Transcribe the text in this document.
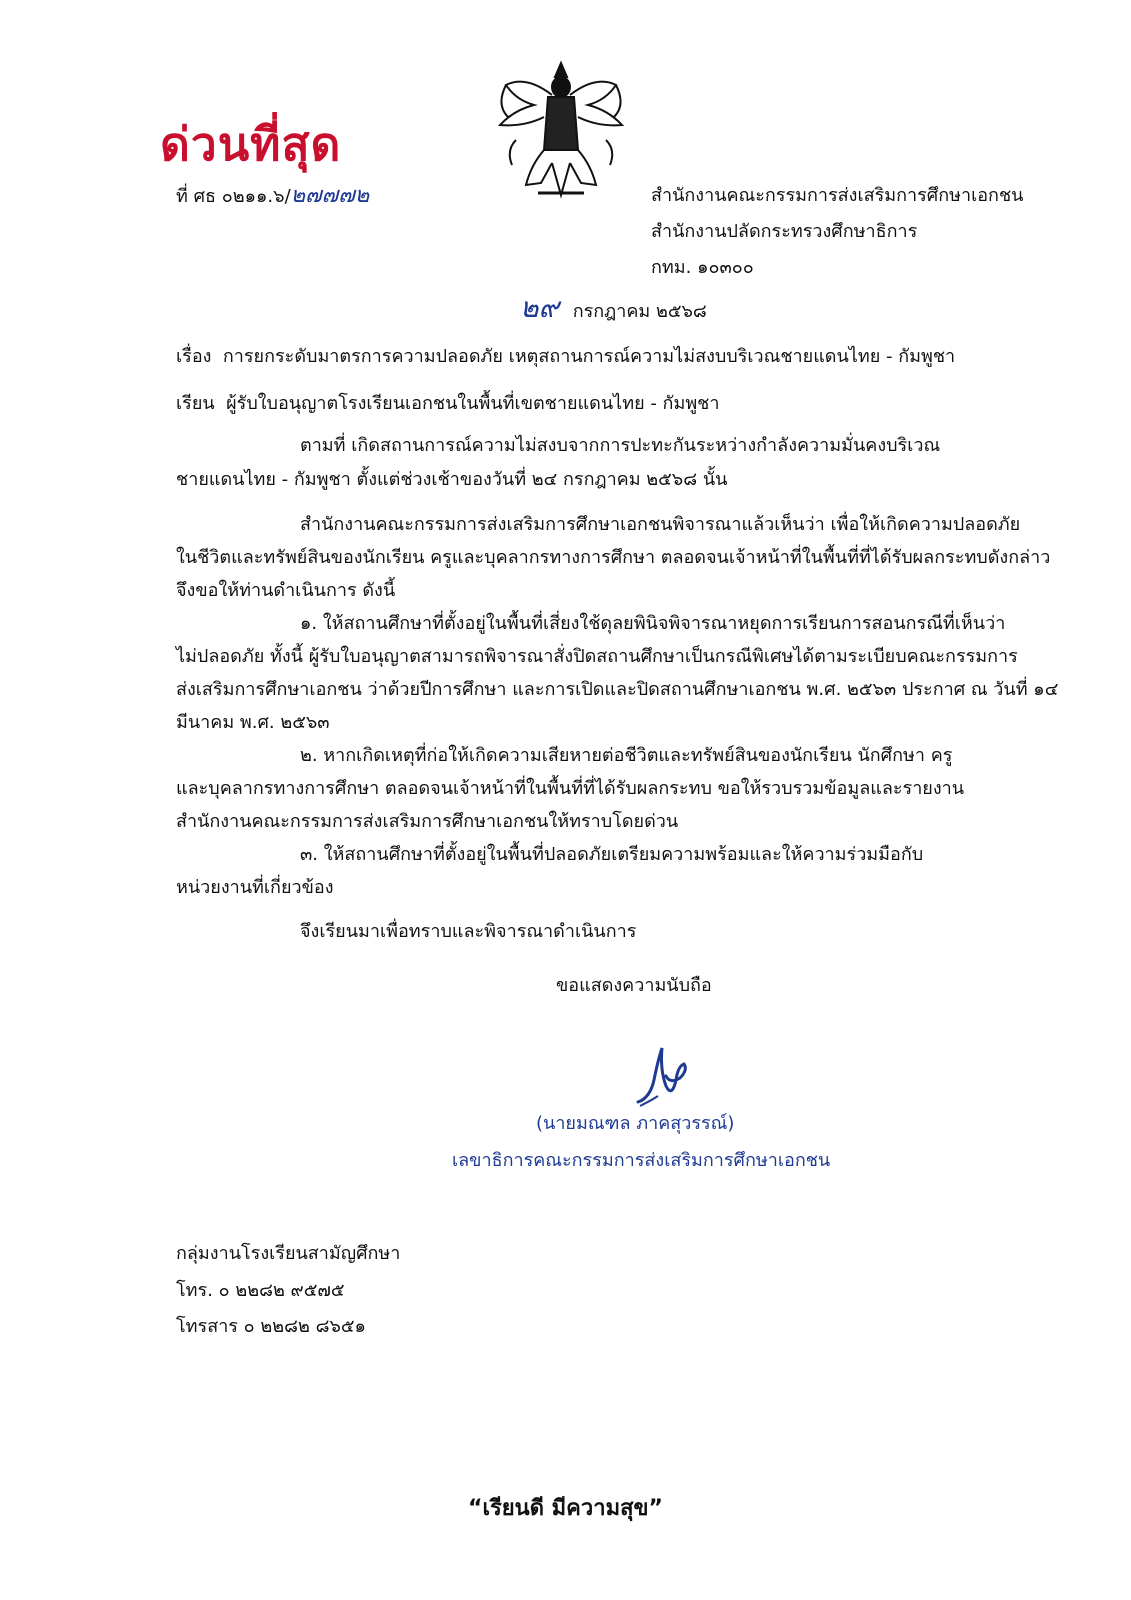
ด่วนที่สุด
ที่ ศธ ๐๒๑๑.๖/๒๗๗๗๒	สำนักงานคณะกรรมการส่งเสริมการศึกษาเอกชน
สำนักงานปลัดกระทรวงศึกษาธิการ
กทม. ๑๐๓๐๐
๒๙ กรกฎาคม ๒๕๖๘
เรื่อง การยกระดับมาตรการความปลอดภัย เหตุสถานการณ์ความไม่สงบบริเวณชายแดนไทย - กัมพูชา
เรียน ผู้รับใบอนุญาตโรงเรียนเอกชนในพื้นที่เขตชายแดนไทย - กัมพูชา
ตามที่ เกิดสถานการณ์ความไม่สงบจากการปะทะกันระหว่างกำลังความมั่นคงบริเวณ
ชายแดนไทย - กัมพูชา ตั้งแต่ช่วงเช้าของวันที่ ๒๔ กรกฎาคม ๒๕๖๘ นั้น
สำนักงานคณะกรรมการส่งเสริมการศึกษาเอกชนพิจารณาแล้วเห็นว่า เพื่อให้เกิดความปลอดภัย
ในชีวิตและทรัพย์สินของนักเรียน ครูและบุคลากรทางการศึกษา ตลอดจนเจ้าหน้าที่ในพื้นที่ที่ได้รับผลกระทบดังกล่าว
จึงขอให้ท่านดำเนินการ ดังนี้
๑. ให้สถานศึกษาที่ตั้งอยู่ในพื้นที่เสี่ยงใช้ดุลยพินิจพิจารณาหยุดการเรียนการสอนกรณีที่เห็นว่า
ไม่ปลอดภัย ทั้งนี้ ผู้รับใบอนุญาตสามารถพิจารณาสั่งปิดสถานศึกษาเป็นกรณีพิเศษได้ตามระเบียบคณะกรรมการ
ส่งเสริมการศึกษาเอกชน ว่าด้วยปีการศึกษา และการเปิดและปิดสถานศึกษาเอกชน พ.ศ. ๒๕๖๓ ประกาศ ณ วันที่ ๑๔
มีนาคม พ.ศ. ๒๕๖๓
๒. หากเกิดเหตุที่ก่อให้เกิดความเสียหายต่อชีวิตและทรัพย์สินของนักเรียน นักศึกษา ครู
และบุคลากรทางการศึกษา ตลอดจนเจ้าหน้าที่ในพื้นที่ที่ได้รับผลกระทบ ขอให้รวบรวมข้อมูลและรายงาน
สำนักงานคณะกรรมการส่งเสริมการศึกษาเอกชนให้ทราบโดยด่วน
๓. ให้สถานศึกษาที่ตั้งอยู่ในพื้นที่ปลอดภัยเตรียมความพร้อมและให้ความร่วมมือกับ
หน่วยงานที่เกี่ยวข้อง
จึงเรียนมาเพื่อทราบและพิจารณาดำเนินการ
ขอแสดงความนับถือ
(นายมณฑล ภาคสุวรรณ์)
เลขาธิการคณะกรรมการส่งเสริมการศึกษาเอกชน
กลุ่มงานโรงเรียนสามัญศึกษา
โทร. ๐ ๒๒๘๒ ๙๕๗๕
โทรสาร ๐ ๒๒๘๒ ๘๖๕๑
“เรียนดี มีความสุข”
